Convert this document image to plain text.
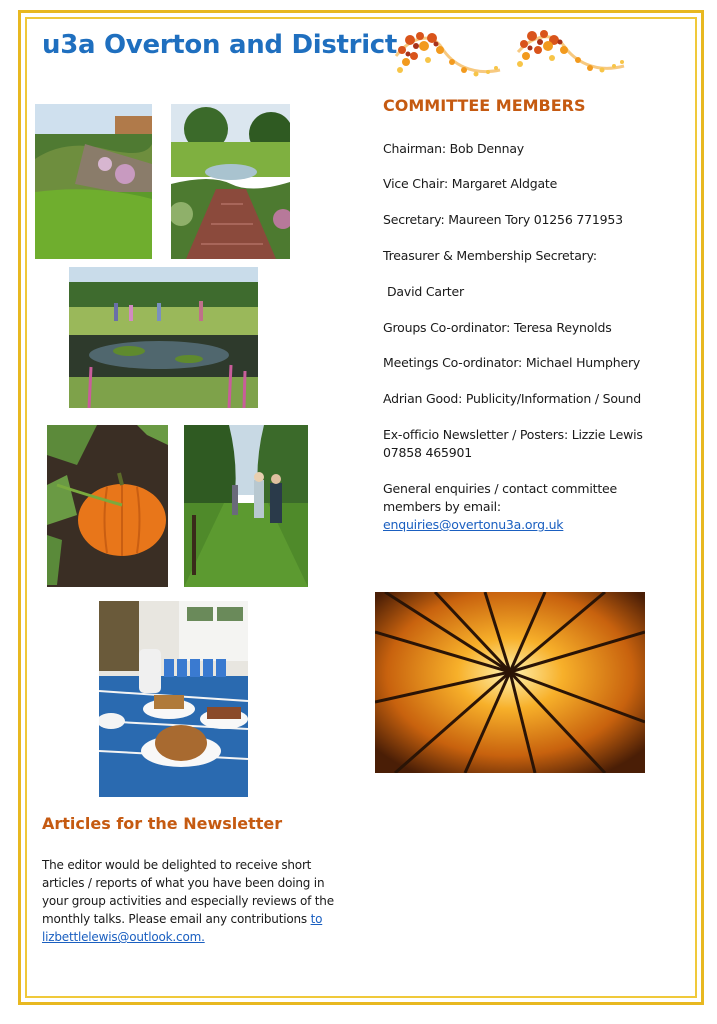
u3a Overton and District
COMMITTEE MEMBERS
Chairman: Bob Dennay
Vice Chair: Margaret Aldgate
Secretary: Maureen Tory 01256 771953
Treasurer & Membership Secretary:
David Carter
Groups Co-ordinator: Teresa Reynolds
Meetings Co-ordinator: Michael Humphery
Adrian Good: Publicity/Information / Sound
Ex-officio Newsletter / Posters: Lizzie Lewis
07858 465901
General enquiries / contact committee
members by email:
enquiries@overtonu3a.org.uk
Articles for the Newsletter
The editor would be delighted to receive short articles / reports of what you have been doing in your group activities and especially reviews of the monthly talks. Please email any contributions to lizbettlelewis@outlook.com.
